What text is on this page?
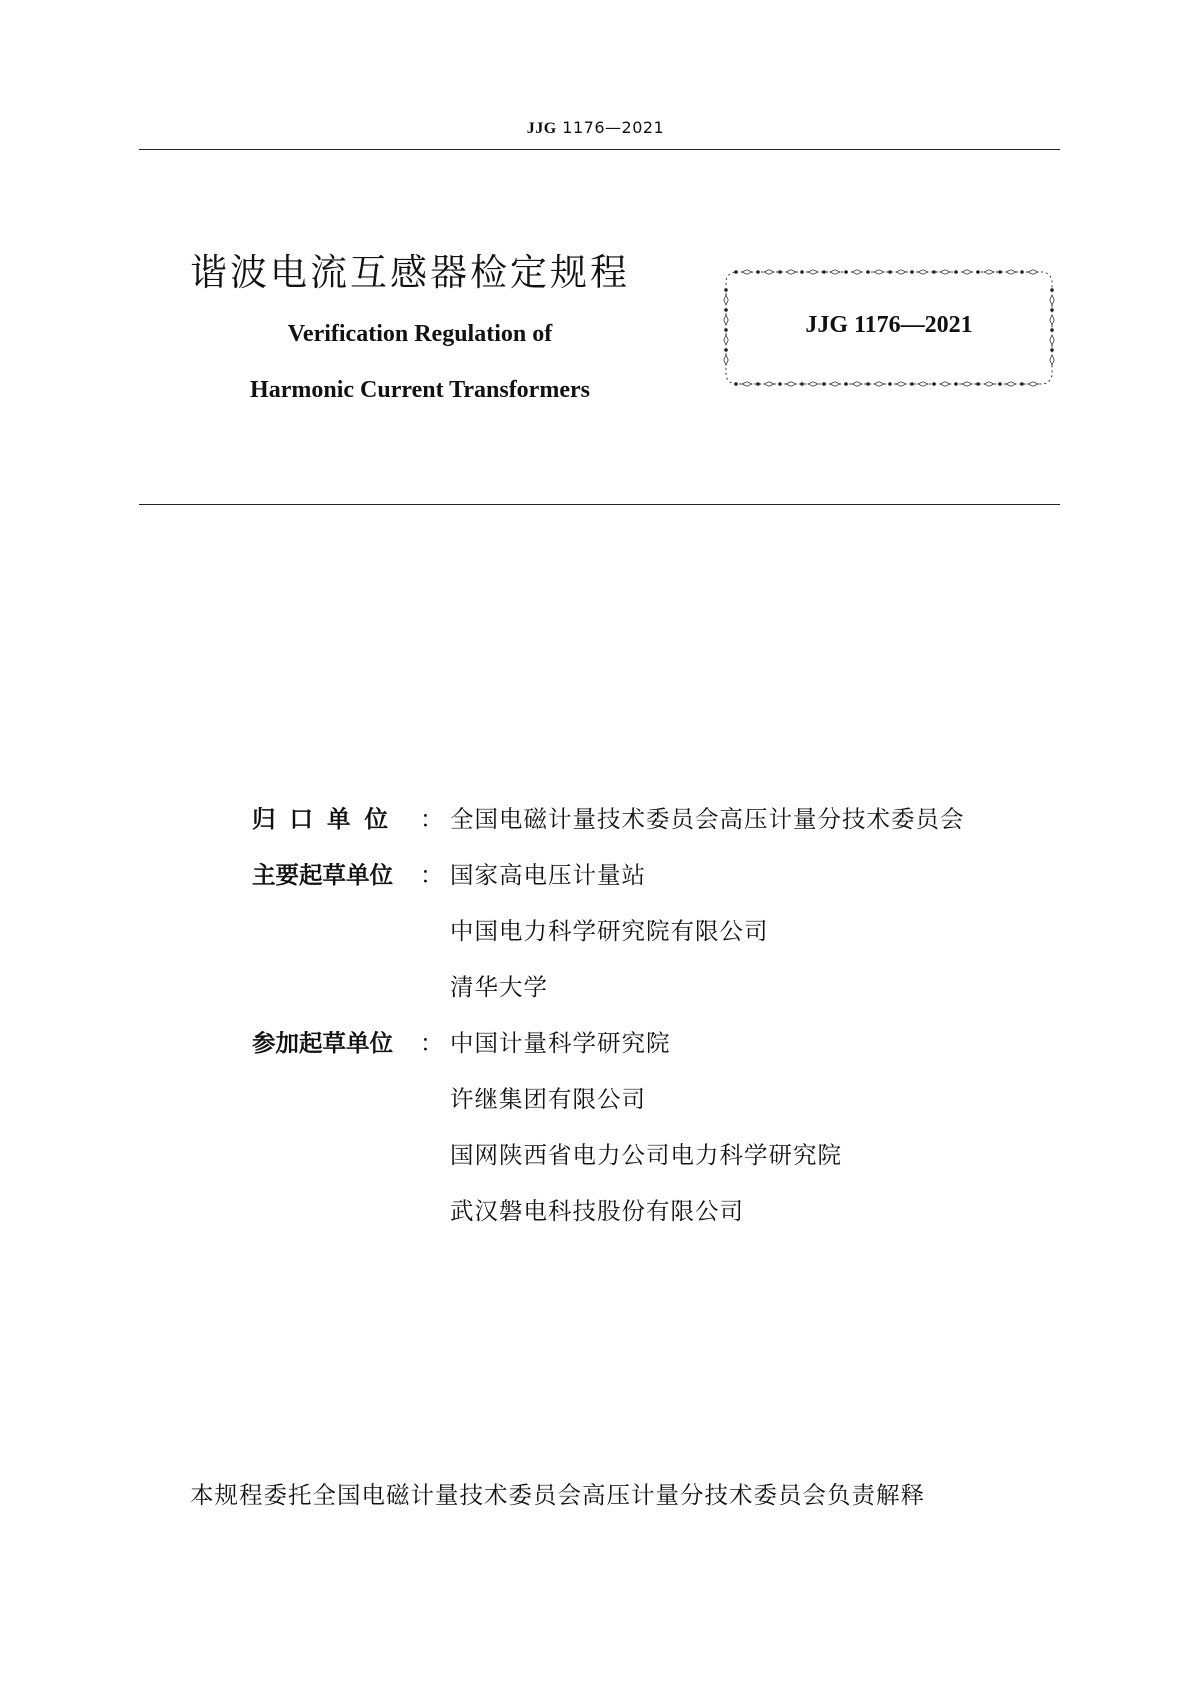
JJG 1176—2021
谐波电流互感器检定规程
Verification Regulation of
Harmonic Current Transformers
JJG 1176—2021
归口单位 ： 全国电磁计量技术委员会高压计量分技术委员会
主要起草单位 ： 国家高电压计量站
中国电力科学研究院有限公司
清华大学
参加起草单位 ： 中国计量科学研究院
许继集团有限公司
国网陕西省电力公司电力科学研究院
武汉磐电科技股份有限公司
本规程委托全国电磁计量技术委员会高压计量分技术委员会负责解释
